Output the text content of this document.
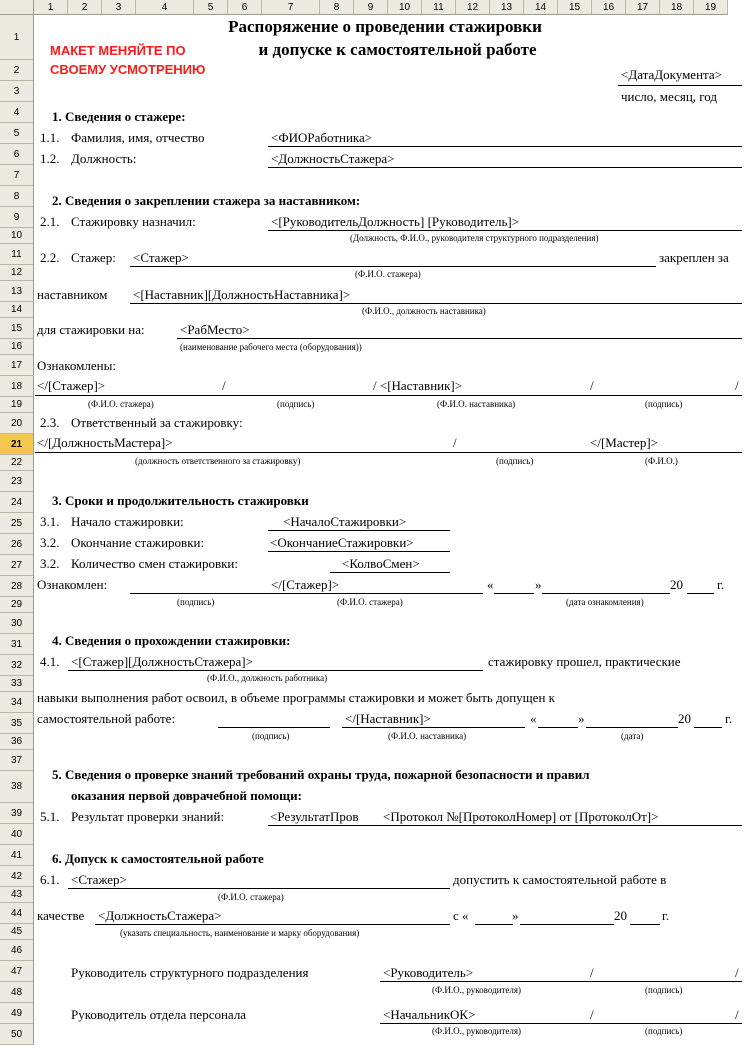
1	2	3	4	5	6	7	8	9	10	11	12	13	14	15	16	17	18	19
1
2
3
4
5
6
7
8
9
10
11
12
13
14
15
16
17
18
19
20
21
22
23
24
25
26
27
28
29
30
31
32
33
34
35
36
37
38
39
40
41
42
43
44
45
46
47
48
49
50
Распоряжение о проведении стажировки
и допуске к самостоятельной работе
МАКЕТ МЕНЯЙТЕ ПО
СВОЕМУ УСМОТРЕНИЮ	<ДатаДокумента>
число, месяц, год
1. Сведения о стажере:
1.1. Фамилия, имя, отчество	<ФИОРаботника>
1.2. Должность:	<ДолжностьСтажера>
2. Сведения о закреплении стажера за наставником:
2.1. Стажировку назначил:	<[РуководительДолжность] [Руководитель]>
(Должность, Ф.И.О., руководителя структурного подразделения)
2.2. Стажер: <Стажер>	закреплен за
(Ф.И.О. стажера)
наставником <[Наставник][ДолжностьНаставника]>
(Ф.И.О., должность наставника)
для стажировки на:	<РабМесто>
(наименование рабочего места (оборудования))
Ознакомлены:
</[Стажер]>	/	/ <[Наставник]>	/	/
(Ф.И.О. стажера)	(подпись)	(Ф.И.О. наставника)	(подпись)
2.3. Ответственный за стажировку:
</[ДолжностьМастера]>	/	</[Мастер]>
(должность ответственного за стажировку)	(подпись)	(Ф.И.О.)
3. Сроки и продолжительность стажировки
3.1. Начало стажировки:	<НачалоСтажировки>
3.2. Окончание стажировки:	<ОкончаниеСтажировки>
3.2. Количество смен стажировки:	<КолвоСмен>
Ознакомлен:	</[Стажер]>	«	»	20	г.
(подпись)	(Ф.И.О. стажера)	(дата ознакомления)
4. Сведения о прохождении стажировки:
4.1. <[Стажер][ДолжностьСтажера]>	стажировку прошел, практические
(Ф.И.О., должность работника)
навыки выполнения работ освоил, в объеме программы стажировки и может быть допущен к
самостоятельной работе:	</[Наставник]>	«	»	20	г.
(подпись)	(Ф.И.О. наставника)	(дата)
5. Сведения о проверке знаний требований охраны труда, пожарной безопасности и правил
оказания первой доврачебной помощи:
5.1. Результат проверки знаний:	<РезультатПров	<Протокол №[ПротоколНомер] от [ПротоколОт]>
6. Допуск к самостоятельной работе
6.1. <Стажер>	допустить к самостоятельной работе в
(Ф.И.О. стажера)
качестве <ДолжностьСтажера>	с «	»	20	г.
(указать специальность, наименование и марку оборудования)
Руководитель структурного подразделения	<Руководитель>	/	/
(Ф.И.О., руководителя)	(подпись)
Руководитель отдела персонала	<НачальникОК>	/	/
(Ф.И.О., руководителя)	(подпись)
